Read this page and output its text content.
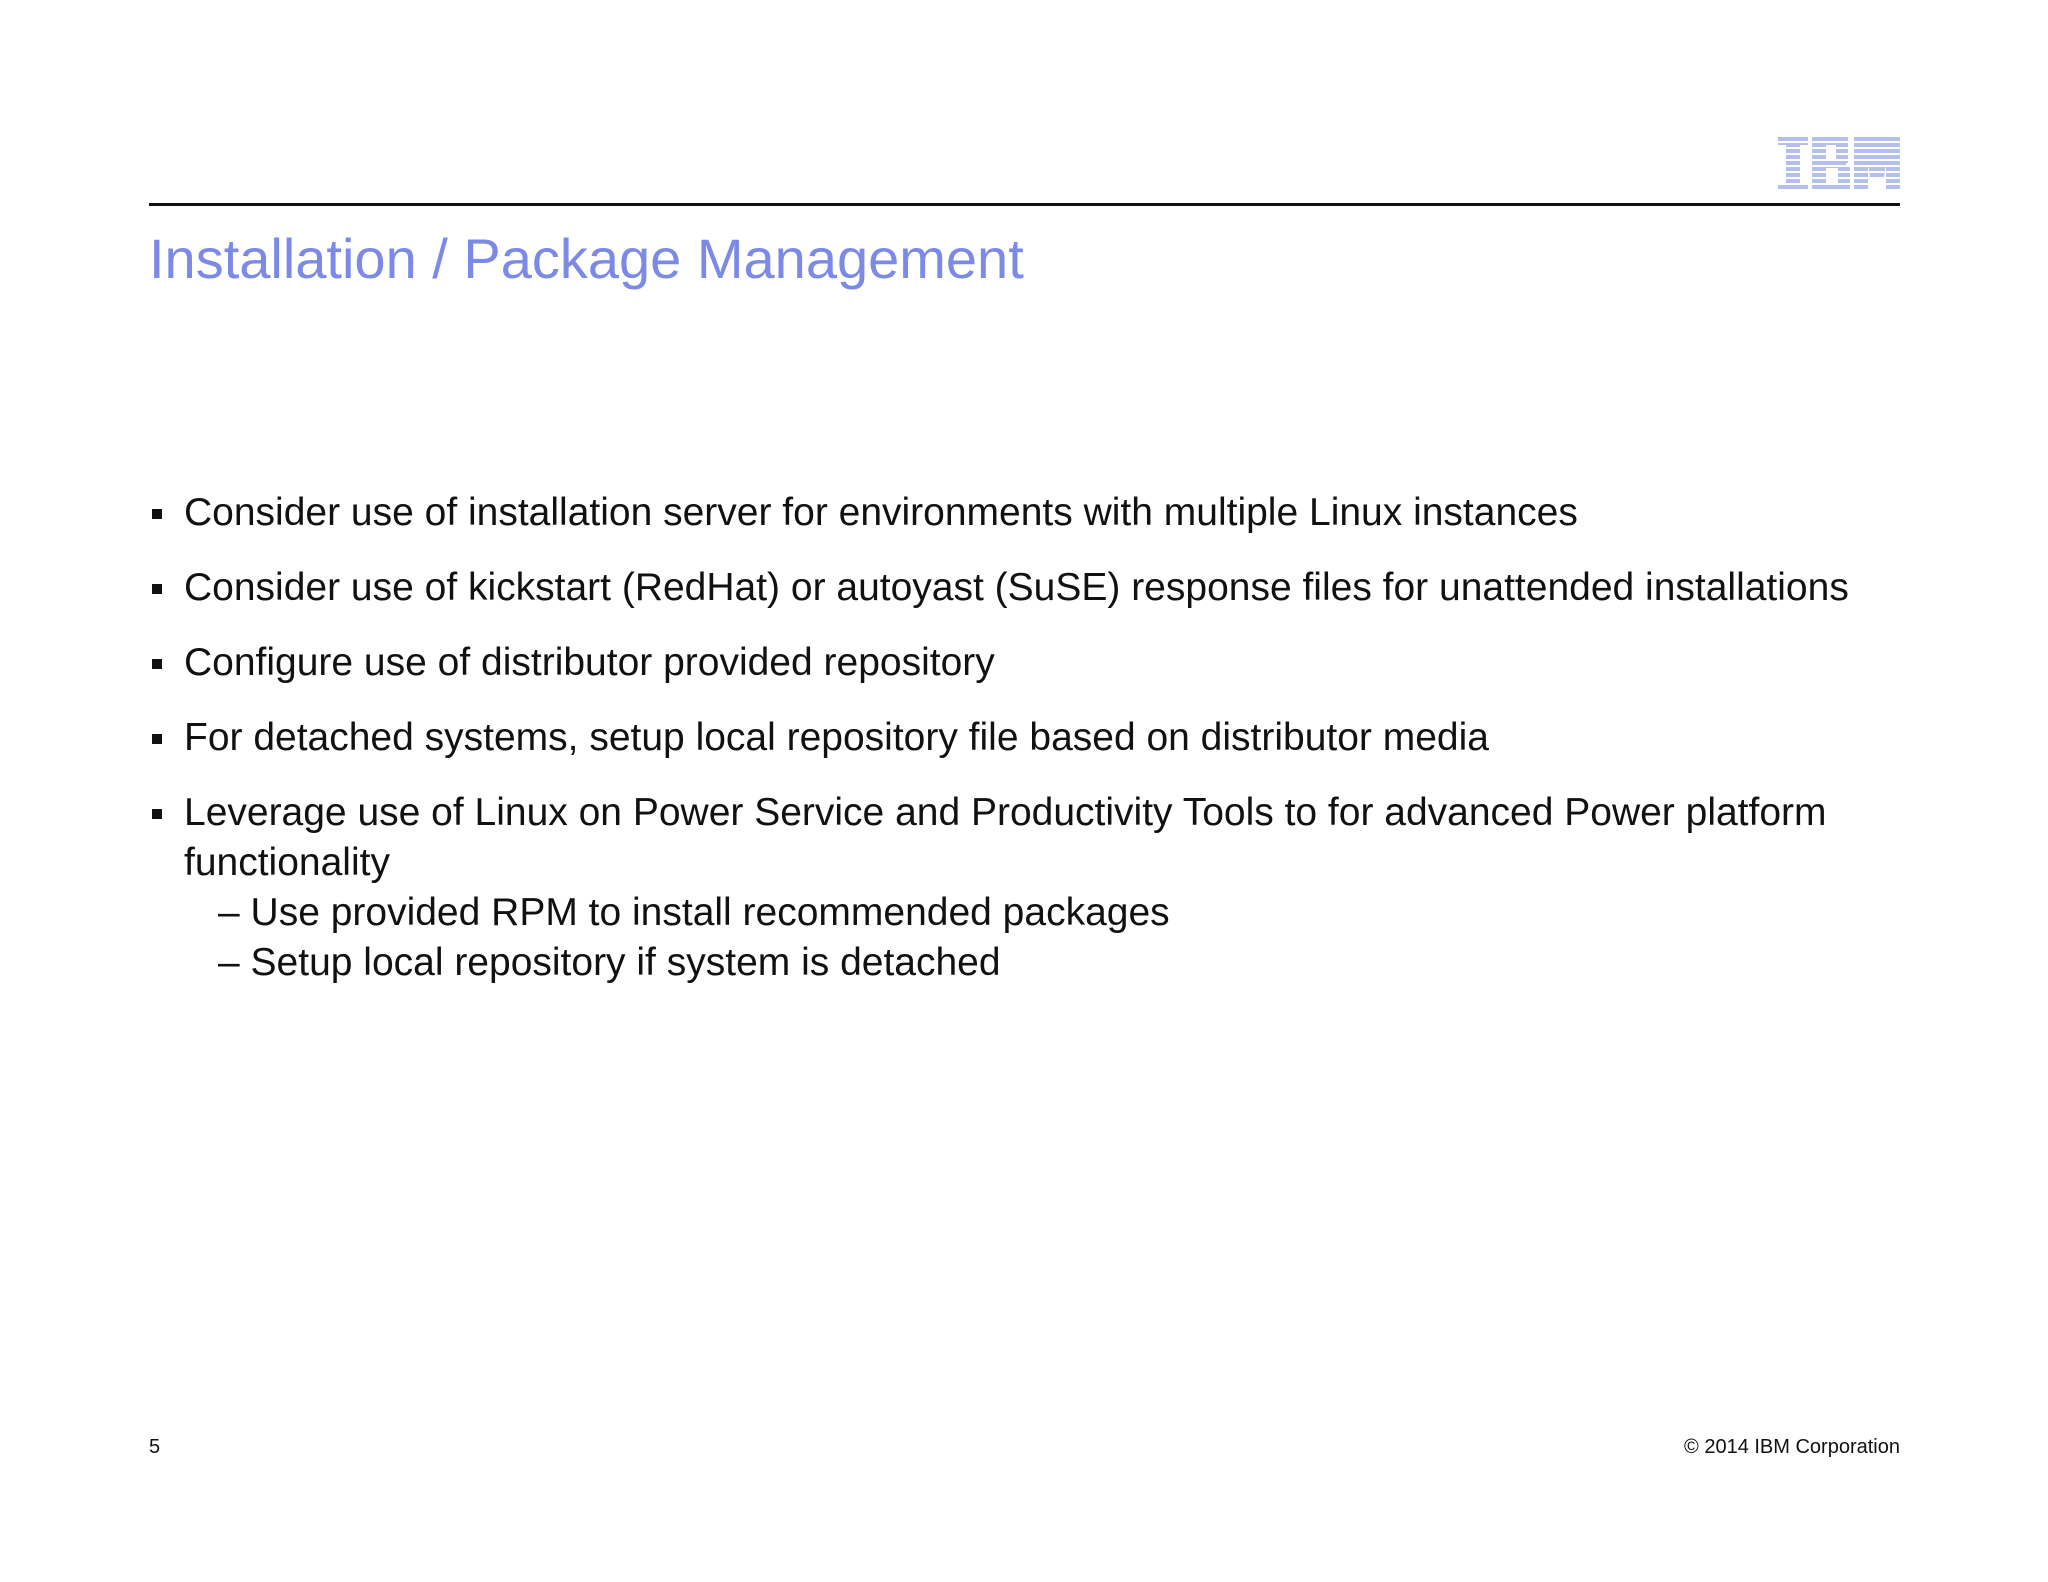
Installation / Package Management
Consider use of installation server for environments with multiple Linux instances
Consider use of kickstart (RedHat) or autoyast (SuSE) response files for unattended installations
Configure use of distributor provided repository
For detached systems, setup local repository file based on distributor media
Leverage use of Linux on Power Service and Productivity Tools to for advanced Power platform functionality
– Use provided RPM to install recommended packages
– Setup local repository if system is detached
5	© 2014 IBM Corporation
